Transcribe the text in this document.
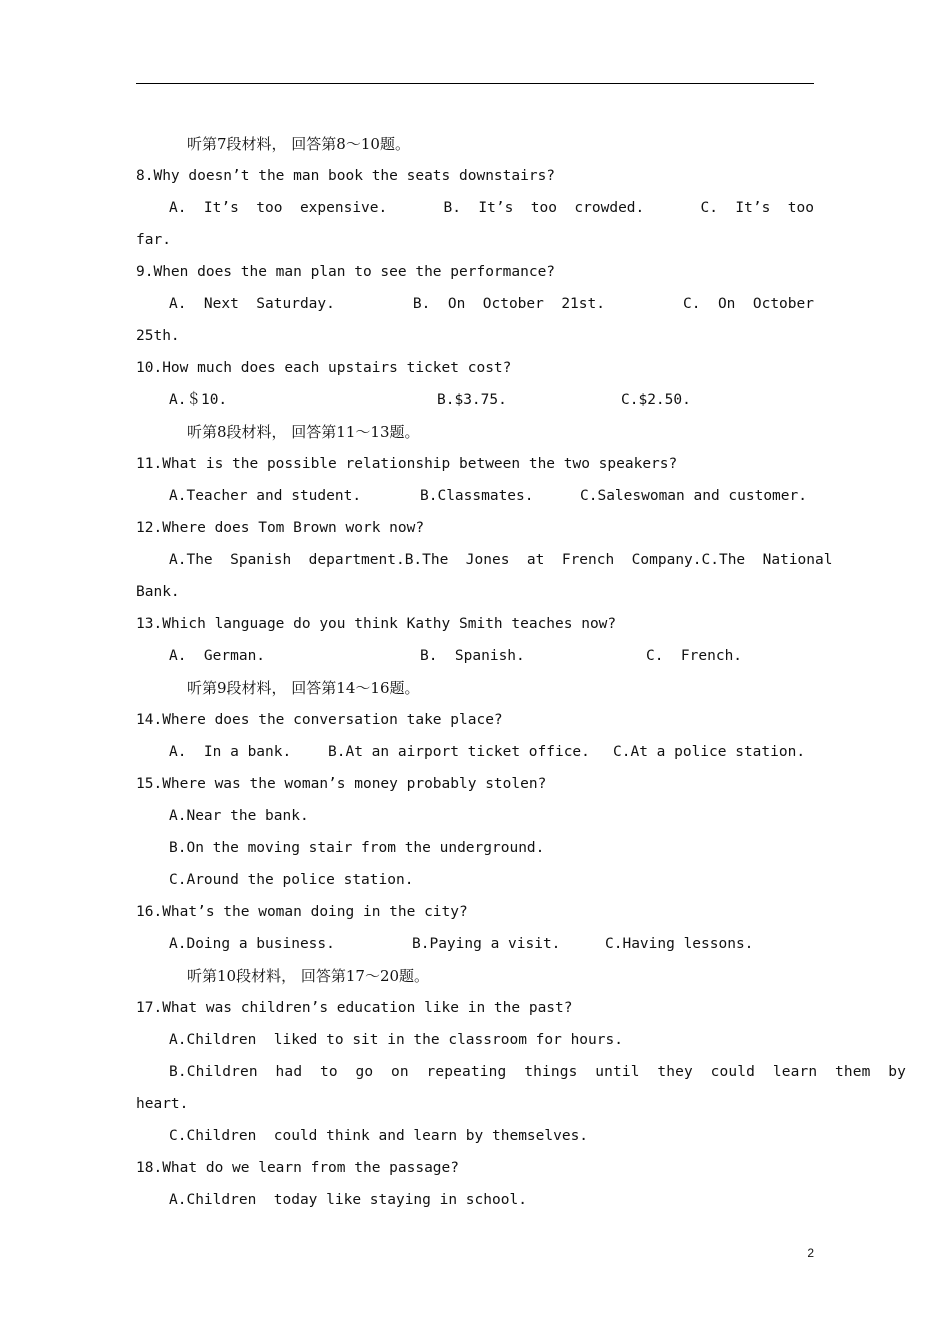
听第7段材料， 回答第8～10题。
8.Why doesn’t the man book the seats downstairs?
A.  It’s  too  expensive.	B.  It’s  too  crowded.	C.  It’s  too
far.
9.When does the man plan to see the performance?
A.  Next  Saturday.	B.  On  October  21st.	C.  On  October
25th.
10.How much does each upstairs ticket cost?
A.＄10.	B.$3.75.	C.$2.50.
听第8段材料， 回答第11～13题。
11.What is the possible relationship between the two speakers?
A.Teacher and student.	B.Classmates.	C.Saleswoman and customer.
12.Where does Tom Brown work now?
A.The  Spanish  department. B.The  Jones  at  French  Company. C.The  National
Bank.
13.Which language do you think Kathy Smith teaches now?
A.  German.	B.  Spanish.	C.  French.
听第9段材料， 回答第14～16题。
14.Where does the conversation take place?
A.  In a bank.	B.At an airport ticket office.	C.At a police station.
15.Where was the woman’s money probably stolen?
A.Near the bank.
B.On the moving stair from the underground.
C.Around the police station.
16.What’s the woman doing in the city?
A.Doing a business.	B.Paying a visit.	C.Having lessons.
听第10段材料， 回答第17～20题。
17.What was children’s education like in the past?
A.Children  liked to sit in the classroom for hours.
B.Children  had  to  go  on  repeating  things  until  they  could  learn  them  by
heart.
C.Children  could think and learn by themselves.
18.What do we learn from the passage?
A.Children  today like staying in school.
2
